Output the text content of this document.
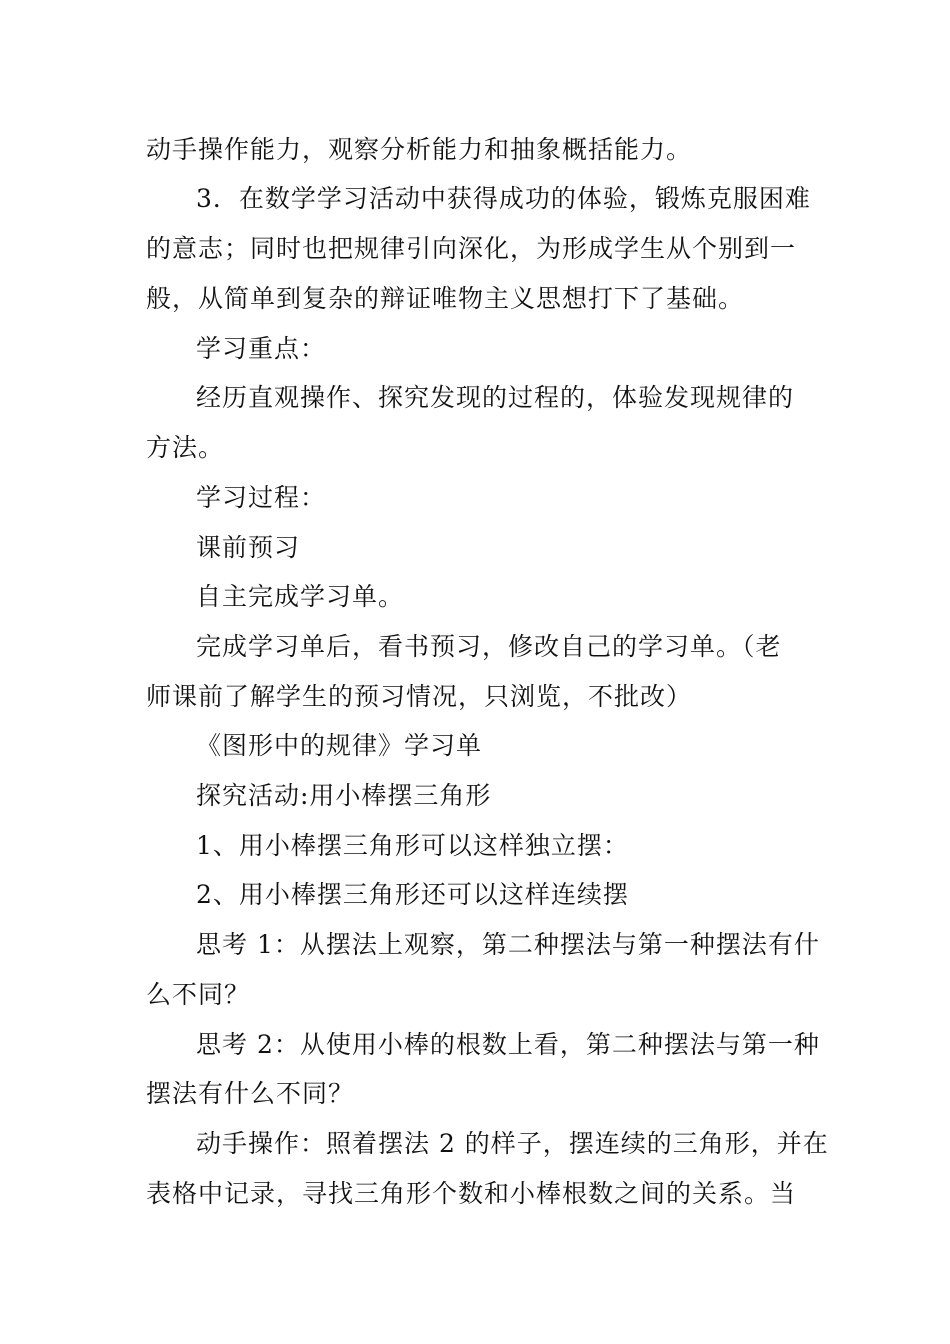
动手操作能力，观察分析能力和抽象概括能力。
3．在数学学习活动中获得成功的体验，锻炼克服困难
的意志；同时也把规律引向深化，为形成学生从个别到一
般，从简单到复杂的辩证唯物主义思想打下了基础。
学习重点：
经历直观操作、探究发现的过程的，体验发现规律的
方法。
学习过程：
课前预习
自主完成学习单。
完成学习单后，看书预习，修改自己的学习单。（老
师课前了解学生的预习情况，只浏览，不批改）
《图形中的规律》学习单
探究活动:用小棒摆三角形
1、用小棒摆三角形可以这样独立摆：
2、用小棒摆三角形还可以这样连续摆
思考 1：从摆法上观察，第二种摆法与第一种摆法有什
么不同？
思考 2：从使用小棒的根数上看，第二种摆法与第一种
摆法有什么不同？
动手操作：照着摆法 2 的样子，摆连续的三角形，并在
表格中记录，寻找三角形个数和小棒根数之间的关系。当
